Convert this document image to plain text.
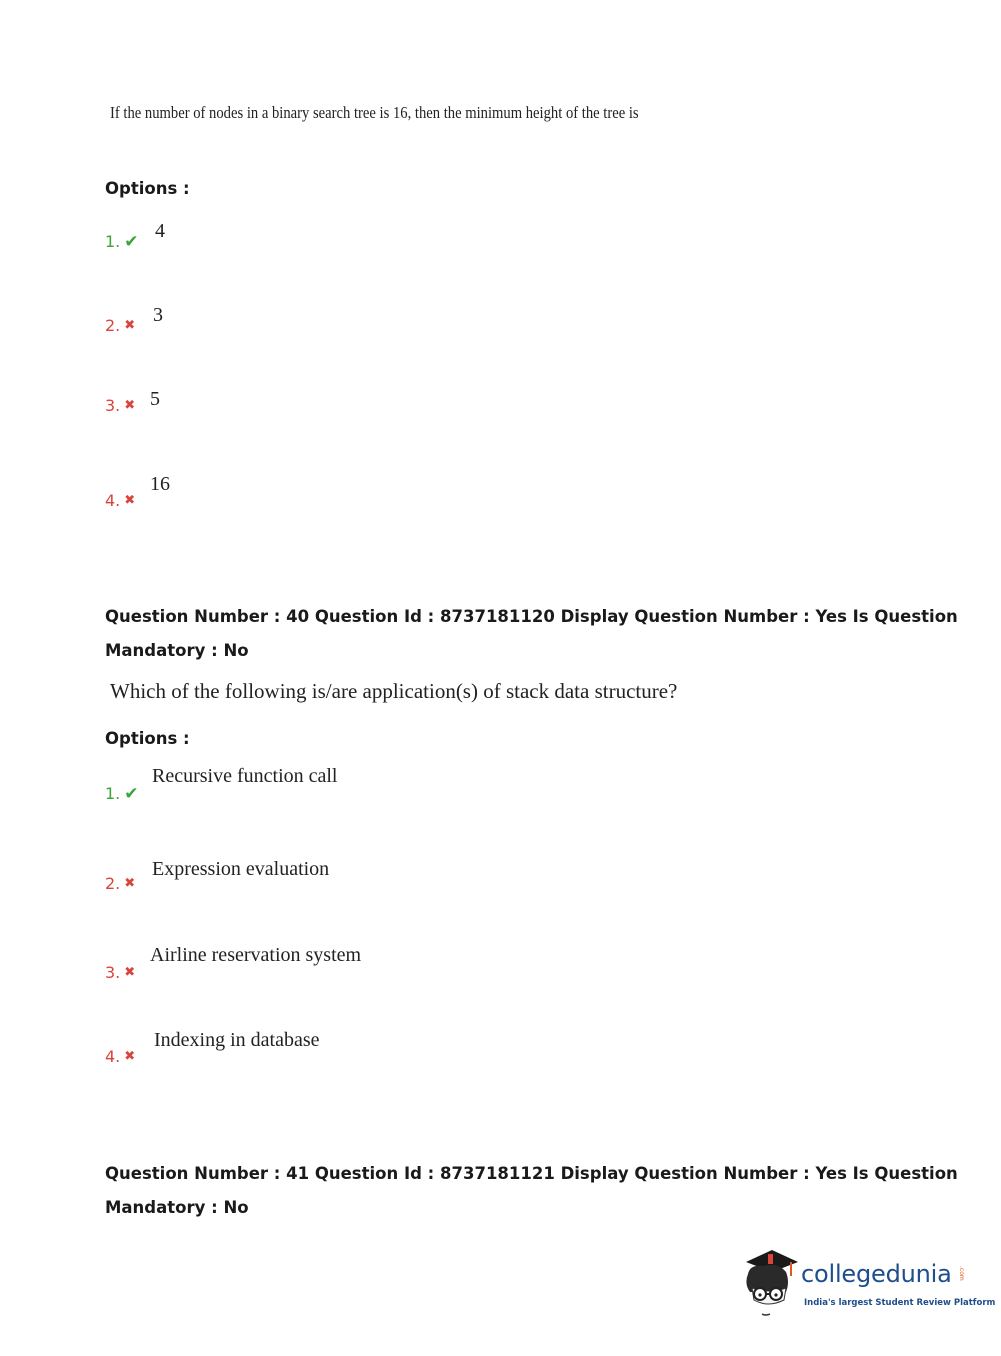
If the number of nodes in a binary search tree is 16, then the minimum height of the tree is
Options :
1. ✔ 4
2. ✖ 3
3. ✖ 5
4. ✖
16
Question Number : 40 Question Id : 8737181120 Display Question Number : Yes Is Question
Mandatory : No
Which of the following is/are application(s) of stack data structure?
Options :
1. ✔
Recursive function call
2. ✖
Expression evaluation
3. ✖
Airline reservation system
4. ✖
Indexing in database
Question Number : 41 Question Id : 8737181121 Display Question Number : Yes Is Question
Mandatory : No
collegedunia .com
India's largest Student Review Platform
